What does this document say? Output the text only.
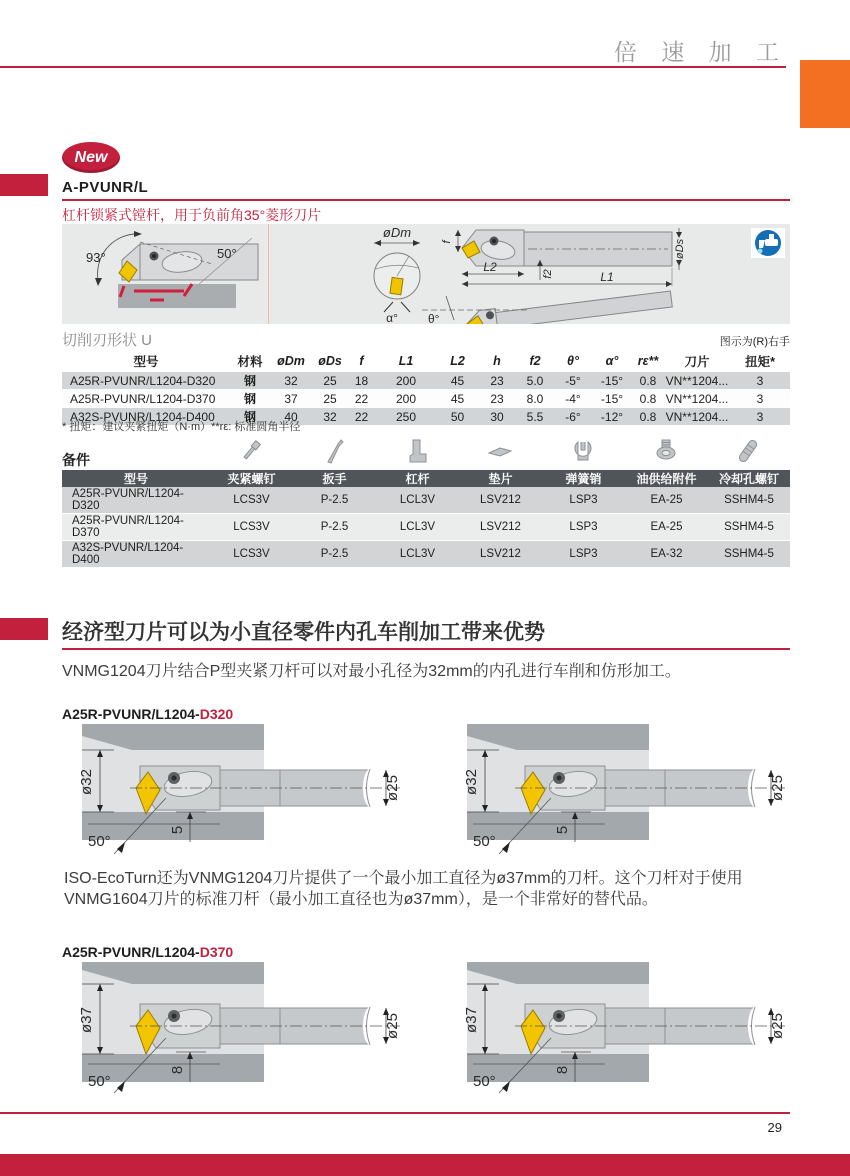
倍 速 加 工
New
A-PVUNR/L
杠杆锁紧式镗杆，用于负前角35°菱形刀片
93°	50°
øDm
α°
f
L2	f2	L1
øDs
θ°
切削刃形状 U	图示为(R)右手
型号	材料	øDm	øDs	f	L1	L2	h	f2	θ°	α°	rε**	刀片	扭矩*
A25R-PVUNR/L1204-D320	钢	32	25	18	200	45	23	5.0	-5°	-15°	0.8	VN**1204...	3
A25R-PVUNR/L1204-D370	钢	37	25	22	200	45	23	8.0	-4°	-15°	0.8	VN**1204...	3
A32S-PVUNR/L1204-D400	钢	40	32	22	250	50	30	5.5	-6°	-12°	0.8	VN**1204...	3
* 扭矩：建议夹紧扭矩（N·m）**rε: 标准圆角半径
备件
型号	夹紧螺钉	扳手	杠杆	垫片	弹簧销	油供给附件	冷却孔螺钉
A25R-PVUNR/L1204-D320	LCS3V	P-2.5	LCL3V	LSV212	LSP3	EA-25	SSHM4-5
A25R-PVUNR/L1204-D370	LCS3V	P-2.5	LCL3V	LSV212	LSP3	EA-25	SSHM4-5
A32S-PVUNR/L1204-D400	LCS3V	P-2.5	LCL3V	LSV212	LSP3	EA-32	SSHM4-5
经济型刀片可以为小直径零件内孔车削加工带来优势
VNMG1204刀片结合P型夹紧刀杆可以对最小孔径为32mm的内孔进行车削和仿形加工。
A25R-PVUNR/L1204-D320
A25R-PVUNR/L1204-D370
ø32	ø25
50°
5
ø32	ø25
50°
5
ISO-EcoTurn还为VNMG1204刀片提供了一个最小加工直径为ø37mm的刀杆。这个刀杆对于使用VNMG1604刀片的标准刀杆（最小加工直径也为ø37mm），是一个非常好的替代品。
ø37	ø25
50°
8
ø37	ø25
50°
8
29
